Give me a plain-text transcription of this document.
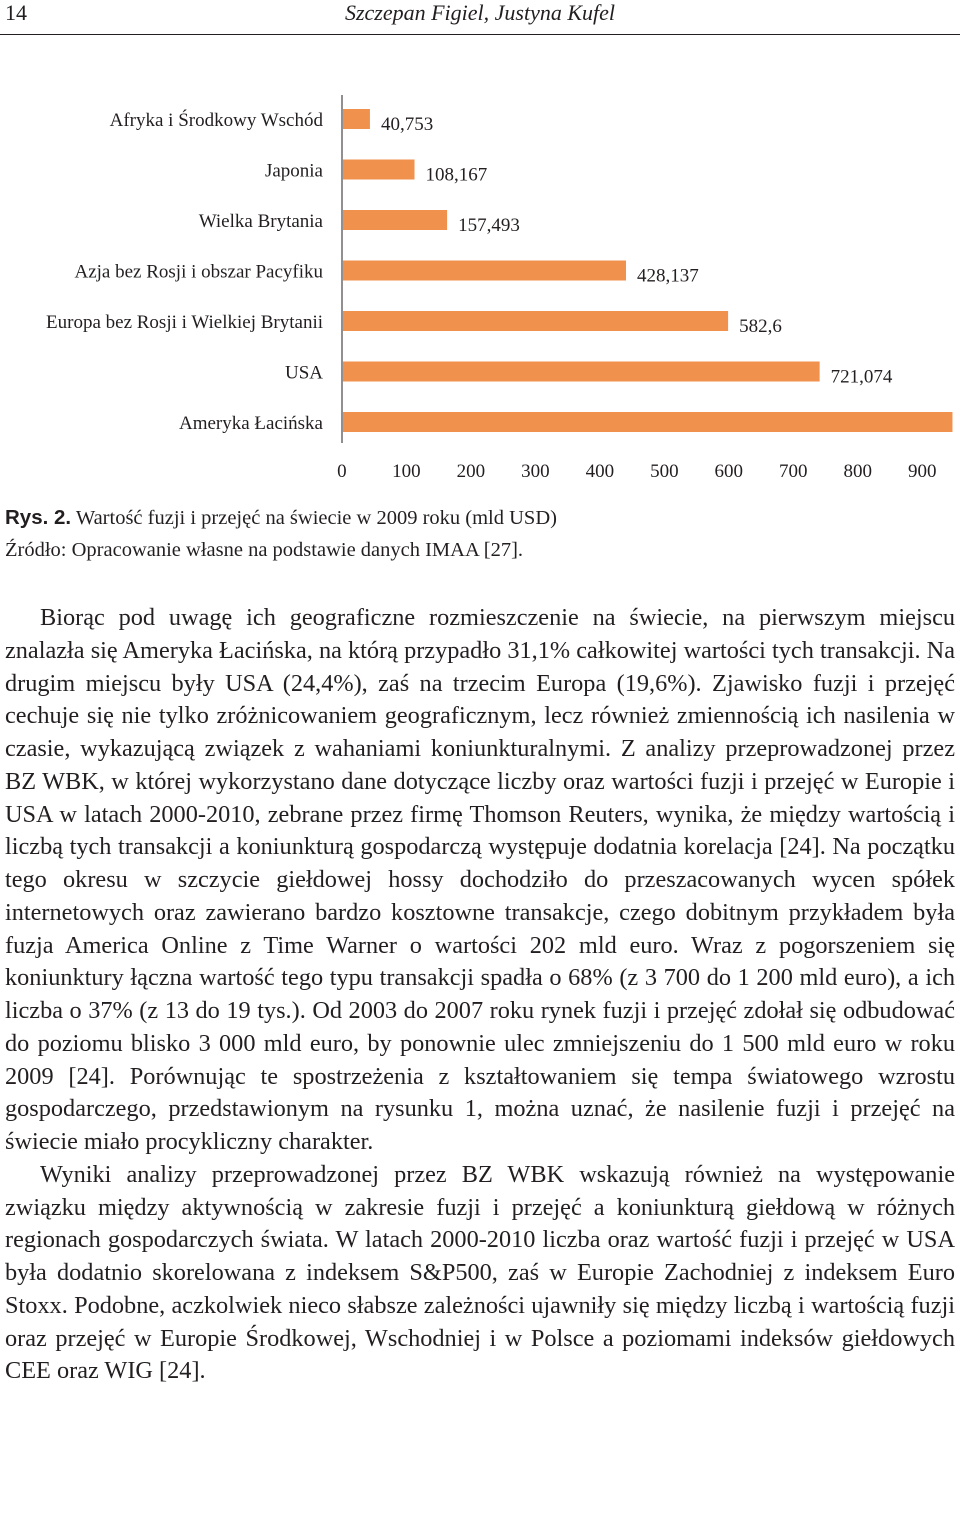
14	Szczepan Figiel, Justyna Kufel
Afryka i Środkowy Wschód	40,753
Japonia	108,167
Wielka Brytania	157,493
Azja bez Rosji i obszar Pacyfiku	428,137
Europa bez Rosji i Wielkiej Brytanii	582,6
USA	721,074
Ameryka Łacińska
0 100 200 300 400 500 600 700 800 900
Rys. 2. Wartość fuzji i przejęć na świecie w 2009 roku (mld USD)
Źródło: Opracowanie własne na podstawie danych IMAA [27].

Biorąc pod uwagę ich geograficzne rozmieszczenie na świecie, na pierwszym miejscu znalazła się Ameryka Łacińska, na którą przypadło 31,1% całkowitej wartości tych transakcji. Na drugim miejscu były USA (24,4%), zaś na trzecim Europa (19,6%). Zjawisko fuzji i przejęć cechuje się nie tylko zróżnicowaniem geograficznym, lecz również zmiennością ich nasilenia w czasie, wykazującą związek z wahaniami koniunkturalnymi. Z analizy przeprowadzonej przez BZ WBK, w której wykorzystano dane dotyczące liczby oraz wartości fuzji i przejęć w Europie i USA w latach 2000-2010, zebrane przez firmę Thomson Reuters, wynika, że między wartością i liczbą tych transakcji a koniunkturą gospodarczą występuje dodatnia korelacja [24]. Na początku tego okresu w szczycie giełdowej hossy dochodziło do przeszacowanych wycen spółek internetowych oraz zawierano bardzo kosztowne transakcje, czego dobitnym przykładem była fuzja America Online z Time Warner o wartości 202 mld euro. Wraz z pogorszeniem się koniunktury łączna wartość tego typu transakcji spadła o 68% (z 3 700 do 1 200 mld euro), a ich liczba o 37% (z 13 do 19 tys.). Od 2003 do 2007 roku rynek fuzji i przejęć zdołał się odbudować do poziomu blisko 3 000 mld euro, by ponownie ulec zmniejszeniu do 1 500 mld euro w roku 2009 [24]. Porównując te spostrzeżenia z kształtowaniem się tempa światowego wzrostu gospodarczego, przedstawionym na rysunku 1, można uznać, że nasilenie fuzji i przejęć na świecie miało procykliczny charakter.

Wyniki analizy przeprowadzonej przez BZ WBK wskazują również na występowanie związku między aktywnością w zakresie fuzji i przejęć a koniunkturą giełdową w różnych regionach gospodarczych świata. W latach 2000-2010 liczba oraz wartość fuzji i przejęć w USA była dodatnio skorelowana z indeksem S&P500, zaś w Europie Zachodniej z indeksem Euro Stoxx. Podobne, aczkolwiek nieco słabsze zależności ujawniły się między liczbą i wartością fuzji oraz przejęć w Europie Środkowej, Wschodniej i w Polsce a poziomami indeksów giełdowych CEE oraz WIG [24].
